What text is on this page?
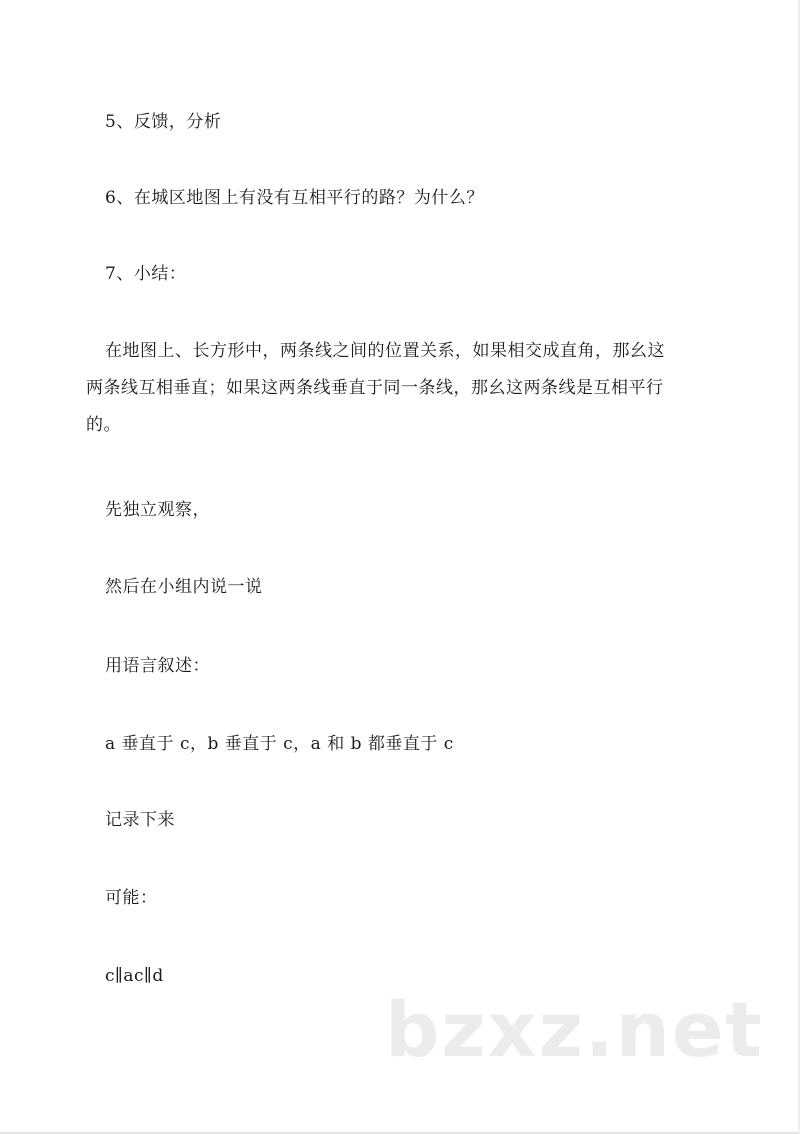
5、反馈，分析

6、在城区地图上有没有互相平行的路？为什么？

7、小结：

在地图上、长方形中，两条线之间的位置关系，如果相交成直角，那幺这
两条线互相垂直；如果这两条线垂直于同一条线，那幺这两条线是互相平行
的。

先独立观察，

然后在小组内说一说

用语言叙述：

a 垂直于 c，b 垂直于 c，a 和 b 都垂直于 c

记录下来

可能：

c∥ac∥d

bzxz.net
